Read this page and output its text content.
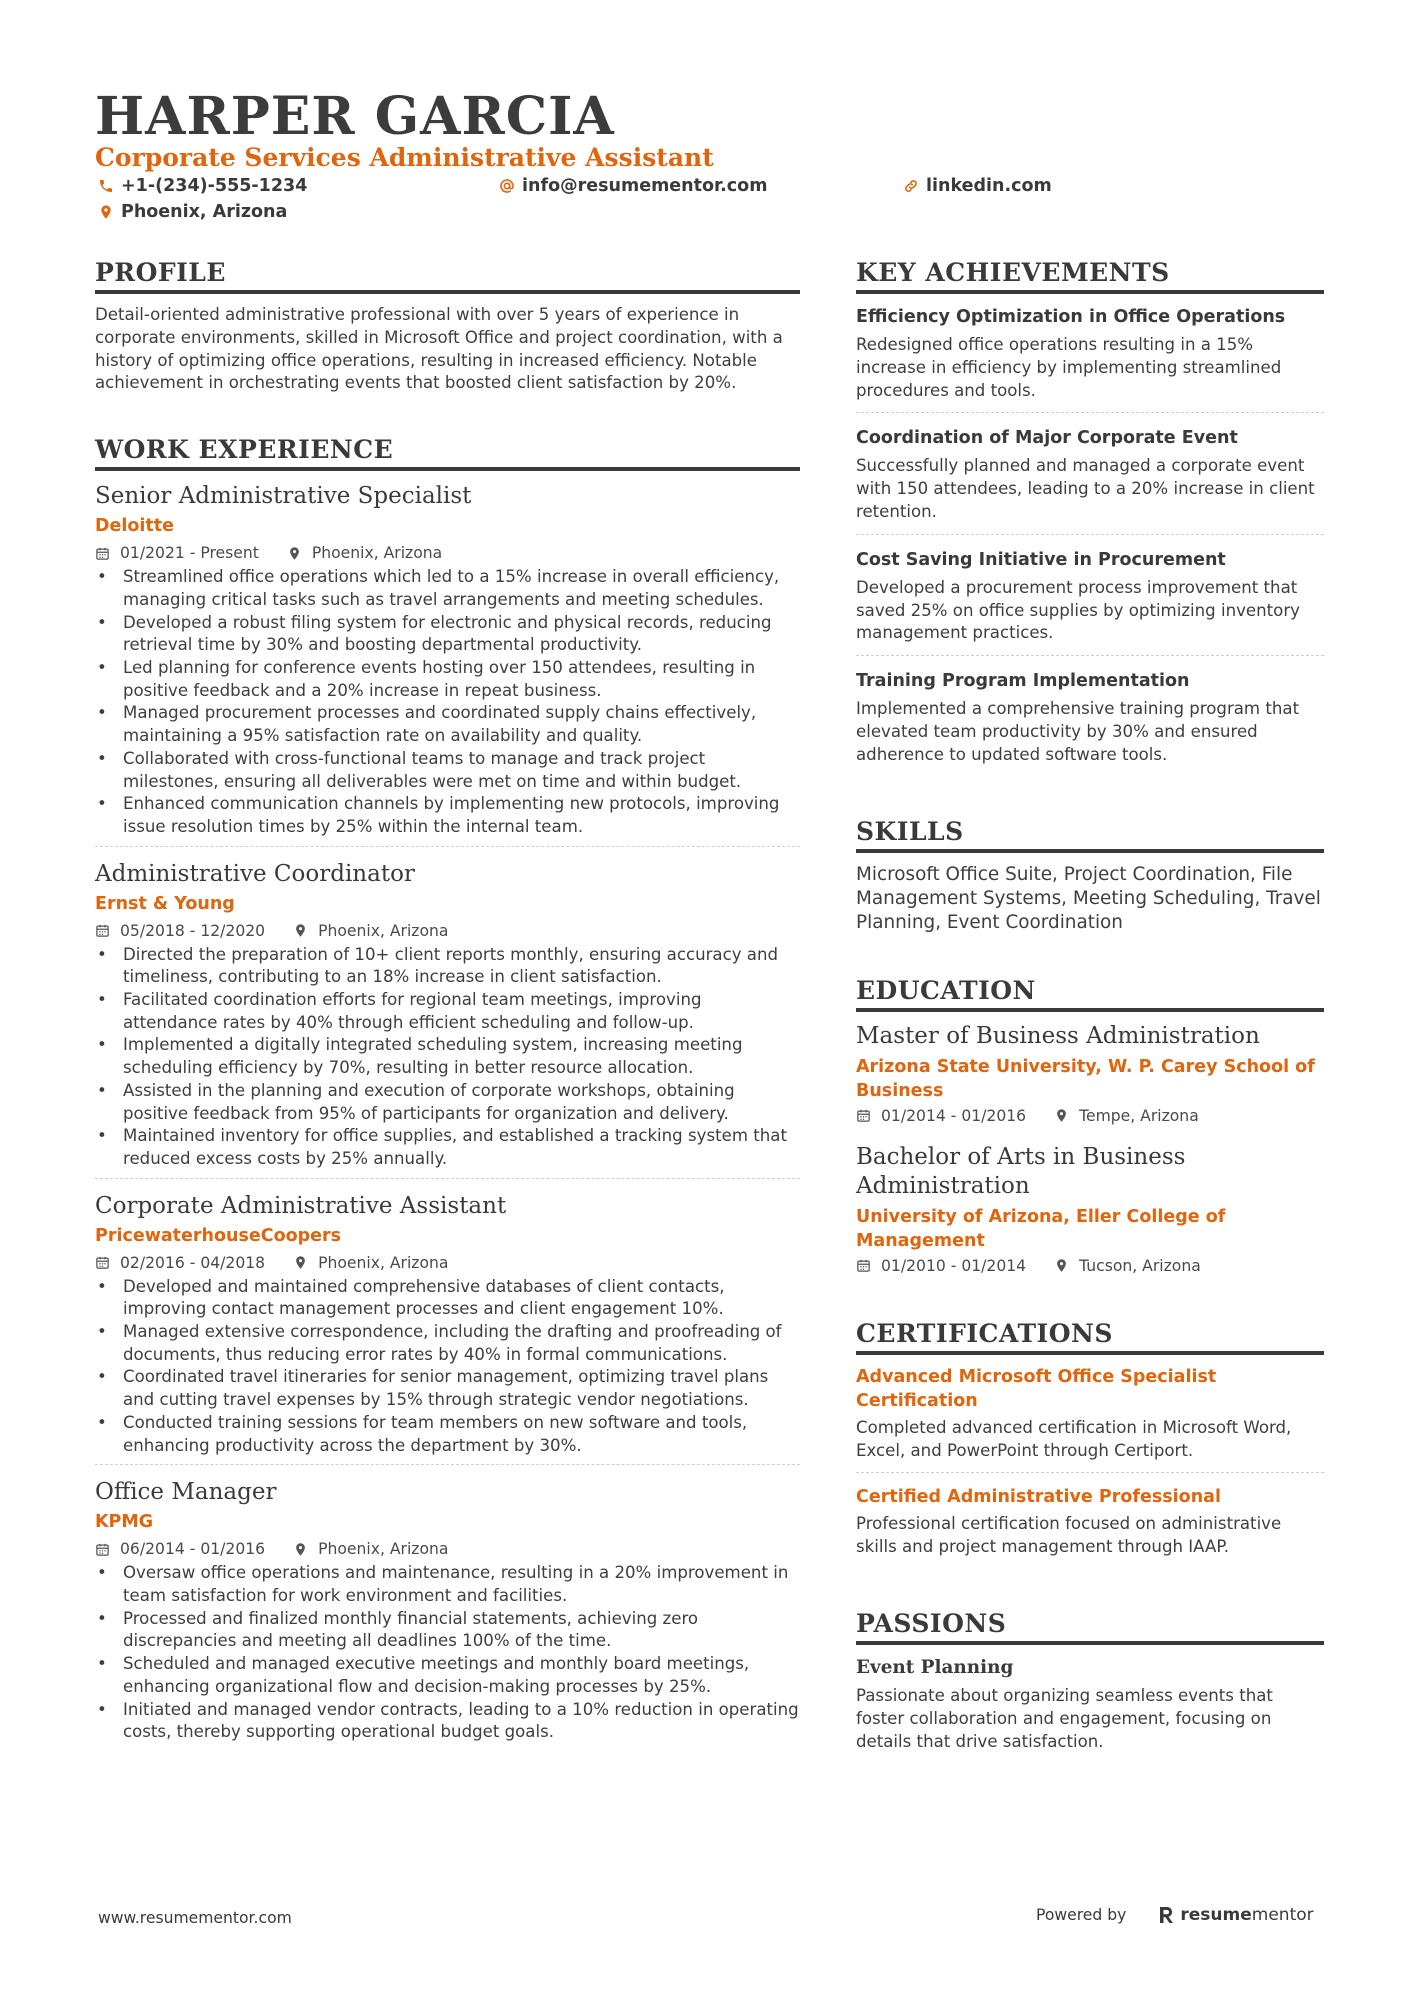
HARPER GARCIA
Corporate Services Administrative Assistant
+1-(234)-555-1234	info@resumementor.com	linkedin.com
Phoenix, Arizona
PROFILE
Detail-oriented administrative professional with over 5 years of experience in corporate environments, skilled in Microsoft Office and project coordination, with a history of optimizing office operations, resulting in increased efficiency. Notable achievement in orchestrating events that boosted client satisfaction by 20%.
WORK EXPERIENCE
Senior Administrative Specialist
Deloitte
01/2021 - Present	Phoenix, Arizona
• Streamlined office operations which led to a 15% increase in overall efficiency, managing critical tasks such as travel arrangements and meeting schedules.
• Developed a robust filing system for electronic and physical records, reducing retrieval time by 30% and boosting departmental productivity.
• Led planning for conference events hosting over 150 attendees, resulting in positive feedback and a 20% increase in repeat business.
• Managed procurement processes and coordinated supply chains effectively, maintaining a 95% satisfaction rate on availability and quality.
• Collaborated with cross-functional teams to manage and track project milestones, ensuring all deliverables were met on time and within budget.
• Enhanced communication channels by implementing new protocols, improving issue resolution times by 25% within the internal team.
Administrative Coordinator
Ernst & Young
05/2018 - 12/2020	Phoenix, Arizona
• Directed the preparation of 10+ client reports monthly, ensuring accuracy and timeliness, contributing to an 18% increase in client satisfaction.
• Facilitated coordination efforts for regional team meetings, improving attendance rates by 40% through efficient scheduling and follow-up.
• Implemented a digitally integrated scheduling system, increasing meeting scheduling efficiency by 70%, resulting in better resource allocation.
• Assisted in the planning and execution of corporate workshops, obtaining positive feedback from 95% of participants for organization and delivery.
• Maintained inventory for office supplies, and established a tracking system that reduced excess costs by 25% annually.
Corporate Administrative Assistant
PricewaterhouseCoopers
02/2016 - 04/2018	Phoenix, Arizona
• Developed and maintained comprehensive databases of client contacts, improving contact management processes and client engagement 10%.
• Managed extensive correspondence, including the drafting and proofreading of documents, thus reducing error rates by 40% in formal communications.
• Coordinated travel itineraries for senior management, optimizing travel plans and cutting travel expenses by 15% through strategic vendor negotiations.
• Conducted training sessions for team members on new software and tools, enhancing productivity across the department by 30%.
Office Manager
KPMG
06/2014 - 01/2016	Phoenix, Arizona
• Oversaw office operations and maintenance, resulting in a 20% improvement in team satisfaction for work environment and facilities.
• Processed and finalized monthly financial statements, achieving zero discrepancies and meeting all deadlines 100% of the time.
• Scheduled and managed executive meetings and monthly board meetings, enhancing organizational flow and decision-making processes by 25%.
• Initiated and managed vendor contracts, leading to a 10% reduction in operating costs, thereby supporting operational budget goals.
KEY ACHIEVEMENTS
Efficiency Optimization in Office Operations
Redesigned office operations resulting in a 15% increase in efficiency by implementing streamlined procedures and tools.
Coordination of Major Corporate Event
Successfully planned and managed a corporate event with 150 attendees, leading to a 20% increase in client retention.
Cost Saving Initiative in Procurement
Developed a procurement process improvement that saved 25% on office supplies by optimizing inventory management practices.
Training Program Implementation
Implemented a comprehensive training program that elevated team productivity by 30% and ensured adherence to updated software tools.
SKILLS
Microsoft Office Suite, Project Coordination, File Management Systems, Meeting Scheduling, Travel Planning, Event Coordination
EDUCATION
Master of Business Administration
Arizona State University, W. P. Carey School of Business
01/2014 - 01/2016	Tempe, Arizona
Bachelor of Arts in Business Administration
University of Arizona, Eller College of Management
01/2010 - 01/2014	Tucson, Arizona
CERTIFICATIONS
Advanced Microsoft Office Specialist Certification
Completed advanced certification in Microsoft Word, Excel, and PowerPoint through Certiport.
Certified Administrative Professional
Professional certification focused on administrative skills and project management through IAAP.
PASSIONS
Event Planning
Passionate about organizing seamless events that foster collaboration and engagement, focusing on details that drive satisfaction.
www.resumementor.com	Powered by	resume mentor
